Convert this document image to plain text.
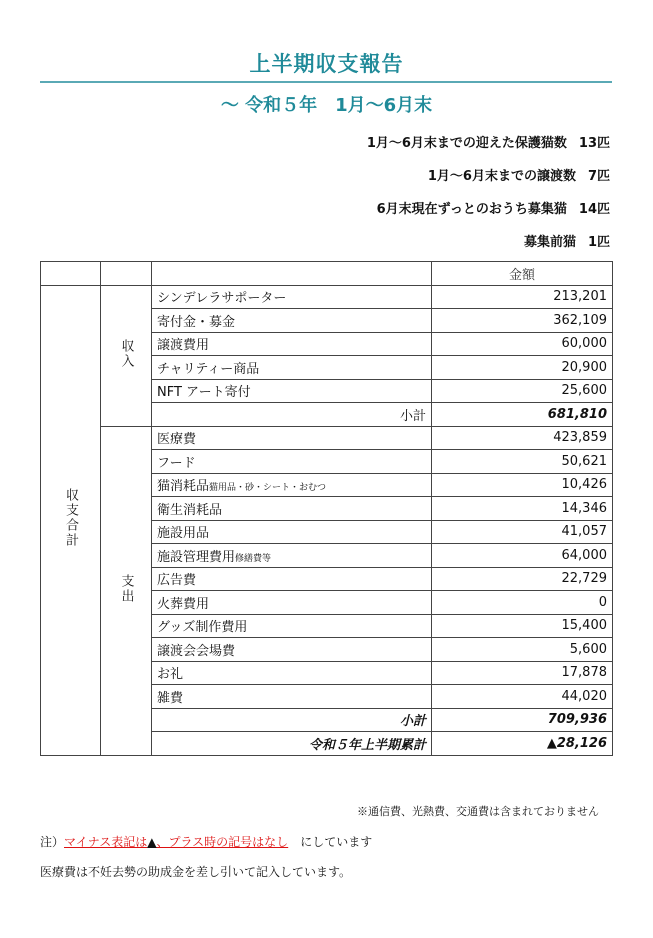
上半期収支報告
～ 令和５年　1月～6月末
1月～6月末までの迎えた保護猫数 13匹
1月～6月末までの譲渡数 7匹
6月末現在ずっとのおうち募集猫 14匹
募集前猫 1匹
			金額
収支合計	収入	シンデレラサポーター	213,201
		寄付金・募金	362,109
		譲渡費用	60,000
		チャリティー商品	20,900
		NFT アート寄付	25,600
		小計	681,810
	支出	医療費	423,859
		フード	50,621
		猫消耗品猫用品・砂・シート・おむつ	10,426
		衛生消耗品	14,346
		施設用品	41,057
		施設管理費用修繕費等	64,000
		広告費	22,729
		火葬費用	0
		グッズ制作費用	15,400
		譲渡会会場費	5,600
		お礼	17,878
		雑費	44,020
		小計	709,936
		令和５年上半期累計	▲28,126
※通信費、光熱費、交通費は含まれておりません
注）マイナス表記は▲、プラス時の記号はなし　にしています
医療費は不妊去勢の助成金を差し引いて記入しています。
